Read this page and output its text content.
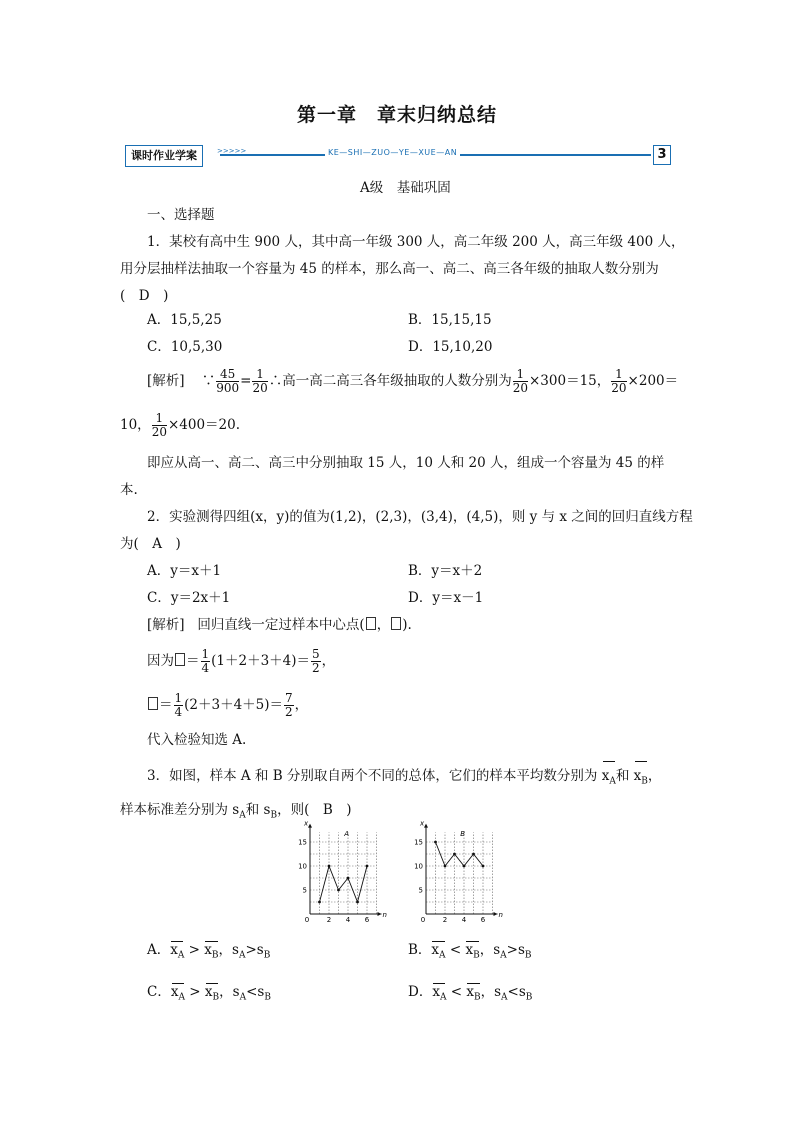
第一章　章末归纳总结
课时作业学案	>>>>>	KE—SHI—ZUO—YE—XUE—AN	3
A级　基础巩固
一、选择题
1．某校有高中生 900 人，其中高一年级 300 人，高二年级 200 人，高三年级 400 人，
用分层抽样法抽取一个容量为 45 的样本，那么高一、高二、高三各年级的抽取人数分别为
(　D　)
A．15,5,25	B．15,15,15
C．10,5,30	D．15,10,20
[解析] ∵ $\frac{45}{900} = \frac{1}{20}$ ∴高一高二高三各年级抽取的人数分别为 $\frac{1}{20} \times 300=15$， $\frac{1}{20} \times 200=$
10， $\frac{1}{20} \times 400=20$.
即应从高一、高二、高三中分别抽取 15 人，10 人和 20 人，组成一个容量为 45 的样
本.
2．实验测得四组(x，y)的值为(1,2)，(2,3)，(3,4)，(4,5)，则 y 与 x 之间的回归直线方程
为(　A　)
A．y＝x＋1	B．y＝x＋2
C．y＝2x＋1	D．y＝x－1
[解析] 回归直线一定过样本中心点( ， ).
因为 ＝ $\frac{1}{4} (1+2+3+4)= \frac{5}{2}$ ，
＝ $\frac{1}{4} (2+3+4+5)= \frac{7}{2}$ ，
代入检验知选 A.
3．如图，样本 A 和 B 分别取自两个不同的总体，它们的样本平均数分别为 $x_A$和 $x_B$，
样本标准差分别为 $s_A$和 $s_B$，则(　B　)
x
n
A
5
10
15
0	2 4 6
x
n
B
5
10
15
0	2 4 6
A．$x_A > x_B$，$s_A>s_B$	B．$x_A < x_B$，$s_A>s_B$
C．$x_A > x_B$，$s_A<s_B$	D．$x_A < x_B$，$s_A<s_B$
